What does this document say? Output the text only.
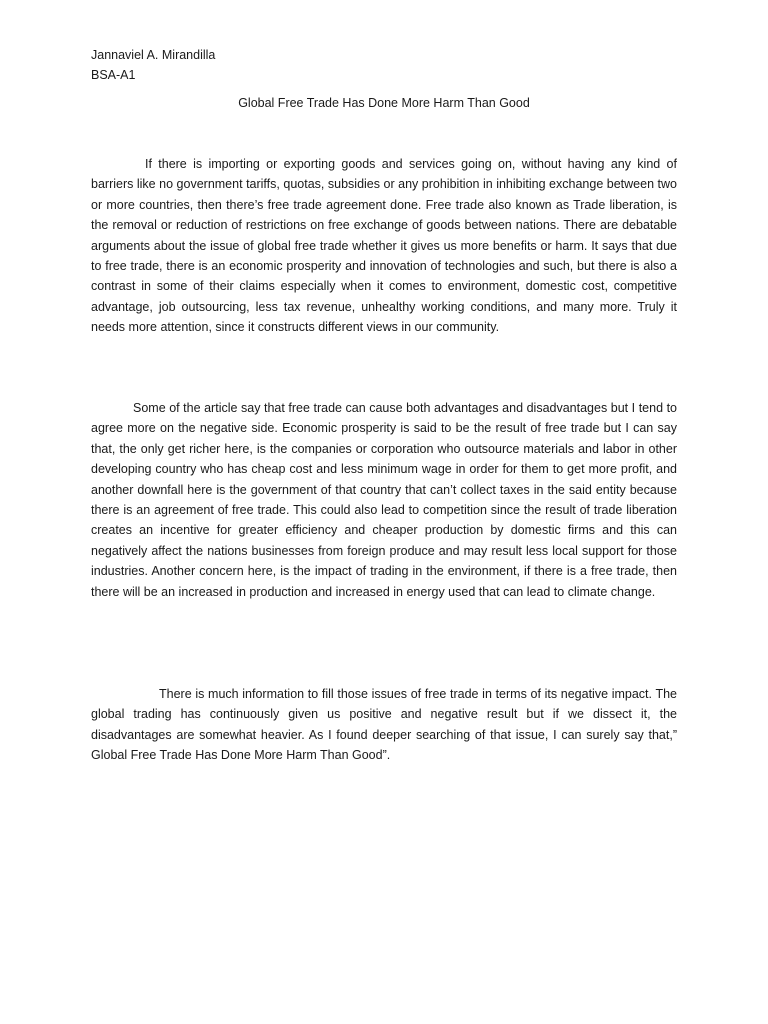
Jannaviel A. Mirandilla
BSA-A1
Global Free Trade Has Done More Harm Than Good

If there is importing or exporting goods and services going on, without having any kind of barriers like no government tariffs, quotas, subsidies or any prohibition in inhibiting exchange between two or more countries, then there’s free trade agreement done. Free trade also known as Trade liberation, is the removal or reduction of restrictions on free exchange of goods between nations. There are debatable arguments about the issue of global free trade whether it gives us more benefits or harm. It says that due to free trade, there is an economic prosperity and innovation of technologies and such, but there is also a contrast in some of their claims especially when it comes to environment, domestic cost, competitive advantage, job outsourcing, less tax revenue, unhealthy working conditions, and many more. Truly it needs more attention, since it constructs different views in our community.

Some of the article say that free trade can cause both advantages and disadvantages but I tend to agree more on the negative side. Economic prosperity is said to be the result of free trade but I can say that, the only get richer here, is the companies or corporation who outsource materials and labor in other developing country who has cheap cost and less minimum wage in order for them to get more profit, and another downfall here is the government of that country that can’t collect taxes in the said entity because there is an agreement of free trade. This could also lead to competition since the result of trade liberation creates an incentive for greater efficiency and cheaper production by domestic firms and this can negatively affect the nations businesses from foreign produce and may result less local support for those industries. Another concern here, is the impact of trading in the environment, if there is a free trade, then there will be an increased in production and increased in energy used that can lead to climate change.

There is much information to fill those issues of free trade in terms of its negative impact. The global trading has continuously given us positive and negative result but if we dissect it, the disadvantages are somewhat heavier. As I found deeper searching of that issue, I can surely say that,” Global Free Trade Has Done More Harm Than Good”.
